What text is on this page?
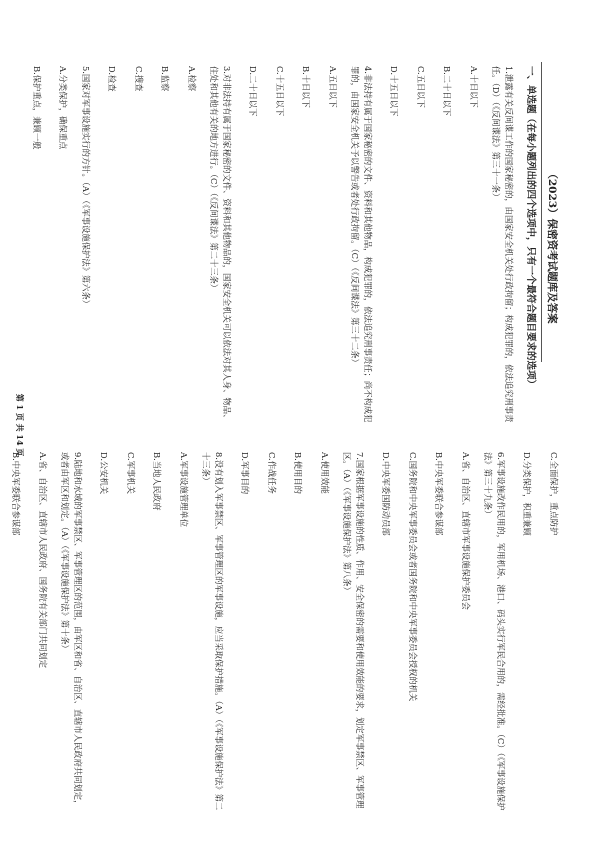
（2023）保密资考试题库及答案
一、单选题（在每小题列出的四个选项中，只有一个最符合题目要求的选项）
1.泄露有关反间谍工作的国家秘密的，由国家安全机关处行政拘留；构成犯罪的，依法追究刑事责任。（D）（《反间谍法》第三十一条）
A.十日以下
B.二十日以下
C.五日以下
D.十五日以下
4.非法持有属于国家秘密的文件、资料和其他物品，构成犯罪的，依法追究刑事责任；尚不构成犯罪的，由国家安全机关予以警告或者处行政拘留。（C）（《反间谍法》第三十二条）
A.五日以下
B.十日以下
C.十五日以下
D.二十日以下
3.对非法持有属于国家秘密的文件、资料和其他物品的，国家安全机关可以依法对其人身、物品、住处和其他有关的地方进行。（C）（《反间谍法》第二十三条）
A.检察
B.监察
C.搜查
D.检查
5.国家对军事设施实行的方针。（A）（《军事设施保护法》第六条）
A.分类保护，确保重点
B.保护重点，兼顾一般
C.全面保护，重点防护
D.分类保护，积重兼顾
6.军事设施改作民用的，军用机场、港口、码头实行军民合用的，需经批准。（C）（《军事设施保护法》第三十九条）
A.省、自治区、直辖市军事设施保护委员会
B.中央军委联合参谋部
C.国务院和中央军事委员会或者国务院和中央军事委员会授权的机关
D.中央军委国防动员部
7.国家根据军事设施的性质、作用、安全保密的需要和使用效能的要求，划定军事禁区、军事管理区。（A）（《军事设施保护法》第八条）
A.使用效能
B.使用目的
C.作战任务
D.军事目的
8.没有划入军事禁区、军事管理区的军事设施，应当采取保护措施。（A）（《军事设施保护法》第二十三条）
A.军事设施管理单位
B.当地人民政府
C.军事机关
D.公安机关
9.陆地和水域的军事禁区、军事管理区的范围，由军区和省、自治区、直辖市人民政府共同划定，或者由军区和划定。（A）（《军事设施保护法》第十条）
A.省、自治区、直辖市人民政府、国务院有关部门共同划定
B.中央军委联合参谋部
第 1 页 共 14 页
